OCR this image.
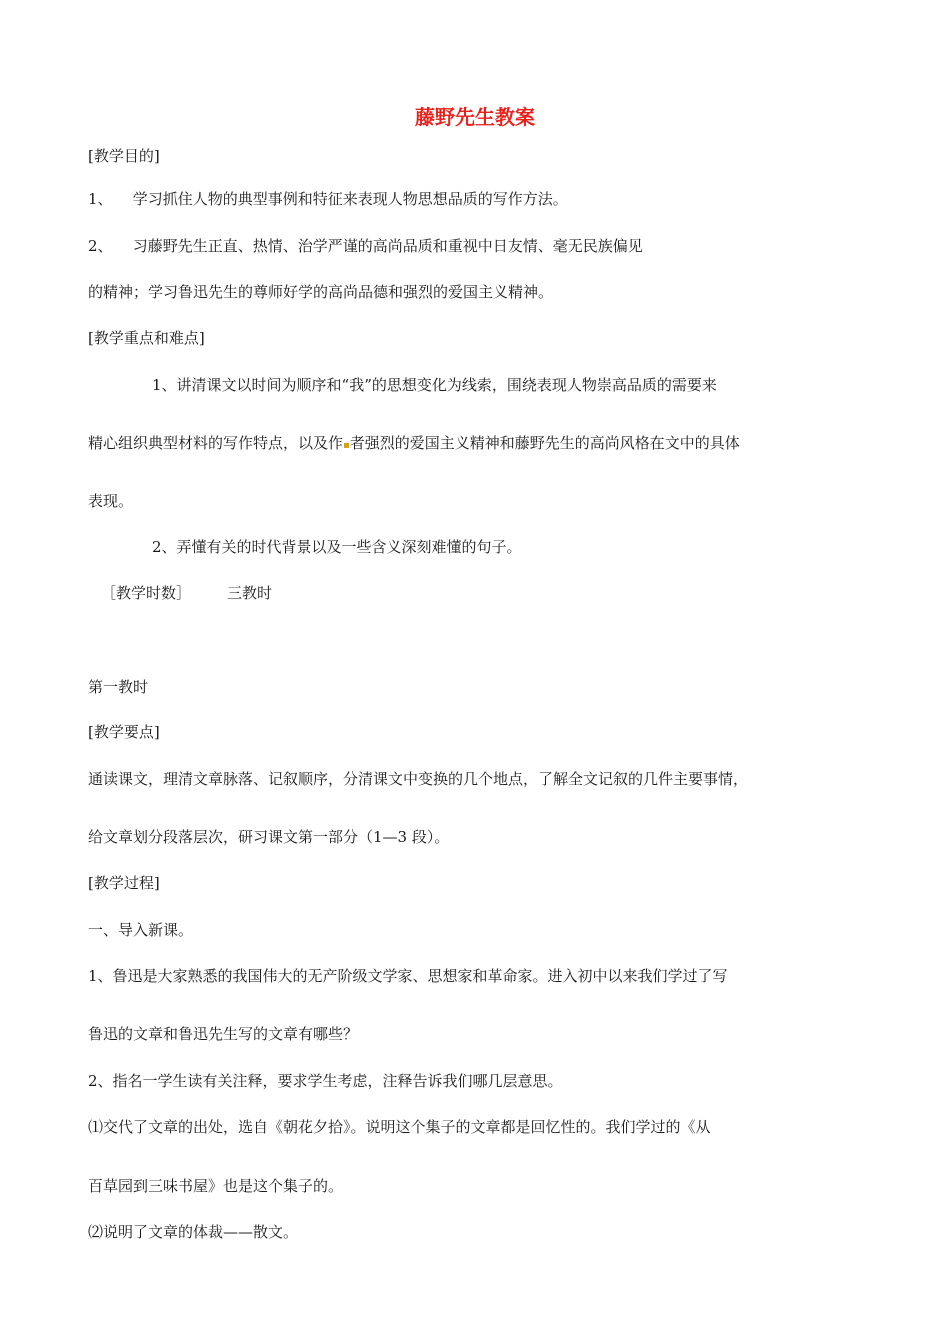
藤野先生教案
[教学目的]
1、 学习抓住人物的典型事例和特征来表现人物思想品质的写作方法。
2、 习藤野先生正直、热情、治学严谨的高尚品质和重视中日友情、毫无民族偏见
的精神；学习鲁迅先生的尊师好学的高尚品德和强烈的爱国主义精神。
[教学重点和难点]
1、讲清课文以时间为顺序和“我”的思想变化为线索，围绕表现人物崇高品质的需要来
精心组织典型材料的写作特点，以及作▪者强烈的爱国主义精神和藤野先生的高尚风格在文中的具体
表现。
2、弄懂有关的时代背景以及一些含义深刻难懂的句子。
［教学时数］ 三教时
第一教时
[教学要点]
通读课文，理清文章脉落、记叙顺序，分清课文中变换的几个地点，了解全文记叙的几件主要事情，
给文章划分段落层次，研习课文第一部分（1—3 段）。
[教学过程]
一、导入新课。
1、鲁迅是大家熟悉的我国伟大的无产阶级文学家、思想家和革命家。进入初中以来我们学过了写
鲁迅的文章和鲁迅先生写的文章有哪些？
2、指名一学生读有关注释，要求学生考虑，注释告诉我们哪几层意思。
⑴交代了文章的出处，选自《朝花夕拾》。说明这个集子的文章都是回忆性的。我们学过的《从
百草园到三味书屋》也是这个集子的。
⑵说明了文章的体裁——散文。
